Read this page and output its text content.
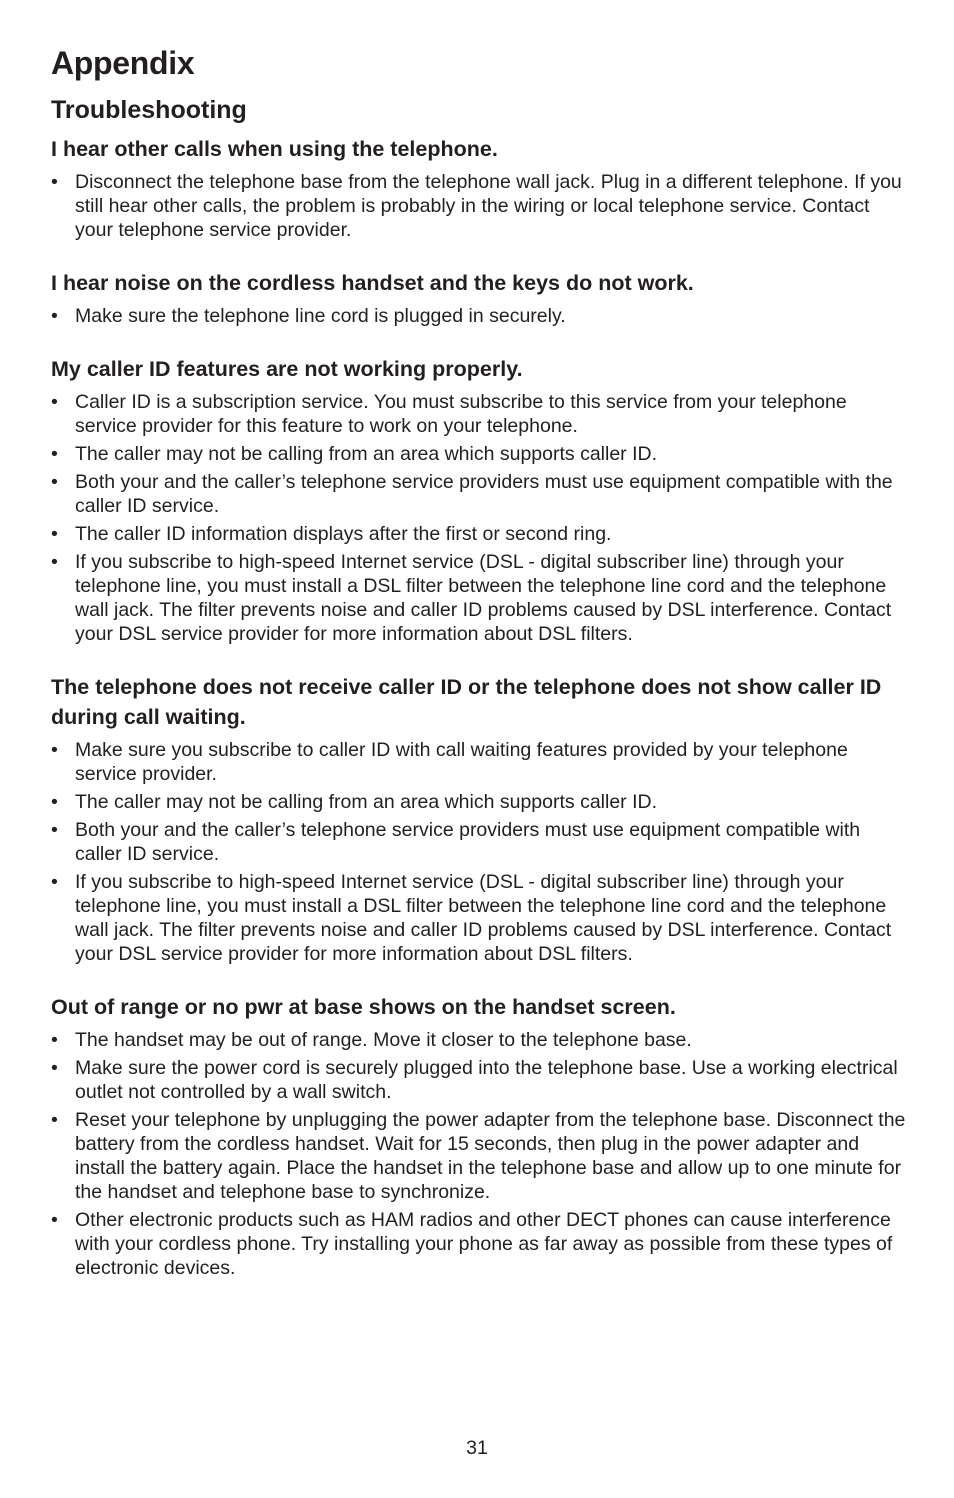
Appendix
Troubleshooting
I hear other calls when using the telephone.
• Disconnect the telephone base from the telephone wall jack. Plug in a different telephone. If you still hear other calls, the problem is probably in the wiring or local telephone service. Contact your telephone service provider.
I hear noise on the cordless handset and the keys do not work.
• Make sure the telephone line cord is plugged in securely.
My caller ID features are not working properly.
• Caller ID is a subscription service. You must subscribe to this service from your telephone service provider for this feature to work on your telephone.
• The caller may not be calling from an area which supports caller ID.
• Both your and the caller’s telephone service providers must use equipment compatible with the caller ID service.
• The caller ID information displays after the first or second ring.
• If you subscribe to high-speed Internet service (DSL - digital subscriber line) through your telephone line, you must install a DSL filter between the telephone line cord and the telephone wall jack. The filter prevents noise and caller ID problems caused by DSL interference. Contact your DSL service provider for more information about DSL filters.
The telephone does not receive caller ID or the telephone does not show caller ID during call waiting.
• Make sure you subscribe to caller ID with call waiting features provided by your telephone service provider.
• The caller may not be calling from an area which supports caller ID.
• Both your and the caller’s telephone service providers must use equipment compatible with caller ID service.
• If you subscribe to high-speed Internet service (DSL - digital subscriber line) through your telephone line, you must install a DSL filter between the telephone line cord and the telephone wall jack. The filter prevents noise and caller ID problems caused by DSL interference. Contact your DSL service provider for more information about DSL filters.
Out of range or no pwr at base shows on the handset screen.
• The handset may be out of range. Move it closer to the telephone base.
• Make sure the power cord is securely plugged into the telephone base. Use a working electrical outlet not controlled by a wall switch.
• Reset your telephone by unplugging the power adapter from the telephone base. Disconnect the battery from the cordless handset. Wait for 15 seconds, then plug in the power adapter and install the battery again. Place the handset in the telephone base and allow up to one minute for the handset and telephone base to synchronize.
• Other electronic products such as HAM radios and other DECT phones can cause interference with your cordless phone. Try installing your phone as far away as possible from these types of electronic devices.
31
